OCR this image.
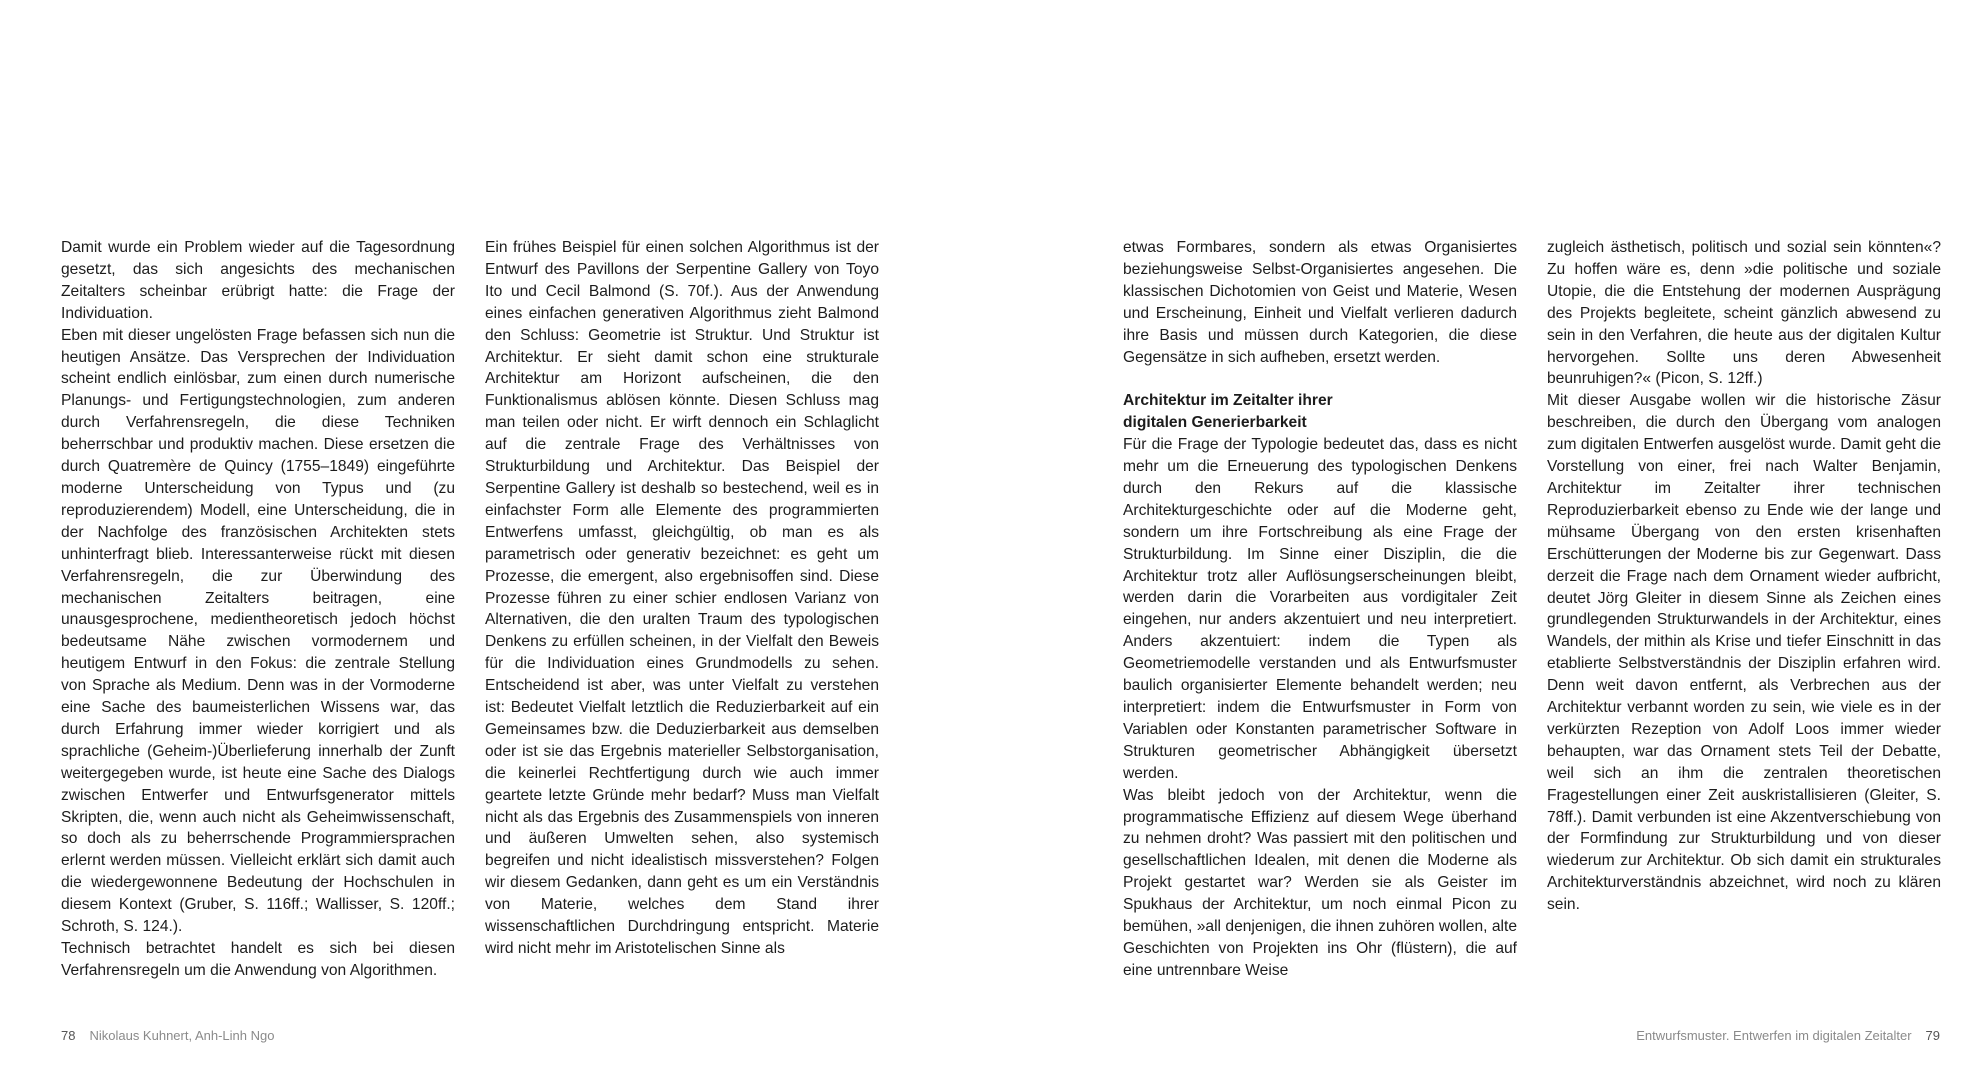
Damit wurde ein Problem wieder auf die Tagesordnung gesetzt, das sich angesichts des mechanischen Zeitalters scheinbar erübrigt hatte: die Frage der Individuation.

Eben mit dieser ungelösten Frage befassen sich nun die heutigen Ansätze. Das Versprechen der Individuation scheint endlich einlösbar, zum einen durch numerische Planungs- und Fertigungstechnologien, zum anderen durch Verfahrensregeln, die diese Techniken beherrschbar und produktiv machen. Diese ersetzen die durch Quatremère de Quincy (1755–1849) eingeführte moderne Unterscheidung von Typus und (zu reproduzierendem) Modell, eine Unterscheidung, die in der Nachfolge des französischen Architekten stets unhinterfragt blieb. Interessanterweise rückt mit diesen Verfahrensregeln, die zur Überwindung des mechanischen Zeitalters beitragen, eine unausgesprochene, medientheoretisch jedoch höchst bedeutsame Nähe zwischen vormodernem und heutigem Entwurf in den Fokus: die zentrale Stellung von Sprache als Medium. Denn was in der Vormoderne eine Sache des baumeisterlichen Wissens war, das durch Erfahrung immer wieder korrigiert und als sprachliche (Geheim-)Überlieferung innerhalb der Zunft weitergegeben wurde, ist heute eine Sache des Dialogs zwischen Entwerfer und Entwurfsgenerator mittels Skripten, die, wenn auch nicht als Geheimwissenschaft, so doch als zu beherrschende Programmiersprachen erlernt werden müssen. Vielleicht erklärt sich damit auch die wiedergewonnene Bedeutung der Hochschulen in diesem Kontext (Gruber, S. 116ff.; Wallisser, S. 120ff.; Schroth, S. 124.).

Technisch betrachtet handelt es sich bei diesen Verfahrensregeln um die Anwendung von Algorithmen.

Ein frühes Beispiel für einen solchen Algorithmus ist der Entwurf des Pavillons der Serpentine Gallery von Toyo Ito und Cecil Balmond (S. 70f.). Aus der Anwendung eines einfachen generativen Algorithmus zieht Balmond den Schluss: Geometrie ist Struktur. Und Struktur ist Architektur. Er sieht damit schon eine strukturale Architektur am Horizont aufscheinen, die den Funktionalismus ablösen könnte. Diesen Schluss mag man teilen oder nicht. Er wirft dennoch ein Schlaglicht auf die zentrale Frage des Verhältnisses von Strukturbildung und Architektur. Das Beispiel der Serpentine Gallery ist deshalb so bestechend, weil es in einfachster Form alle Elemente des programmierten Entwerfens umfasst, gleichgültig, ob man es als parametrisch oder generativ bezeichnet: es geht um Prozesse, die emergent, also ergebnisoffen sind. Diese Prozesse führen zu einer schier endlosen Varianz von Alternativen, die den uralten Traum des typologischen Denkens zu erfüllen scheinen, in der Vielfalt den Beweis für die Individuation eines Grundmodells zu sehen. Entscheidend ist aber, was unter Vielfalt zu verstehen ist: Bedeutet Vielfalt letztlich die Reduzierbarkeit auf ein Gemeinsames bzw. die Deduzierbarkeit aus demselben oder ist sie das Ergebnis materieller Selbstorganisation, die keinerlei Rechtfertigung durch wie auch immer geartete letzte Gründe mehr bedarf? Muss man Vielfalt nicht als das Ergebnis des Zusammenspiels von inneren und äußeren Umwelten sehen, also systemisch begreifen und nicht idealistisch missverstehen? Folgen wir diesem Gedanken, dann geht es um ein Verständnis von Materie, welches dem Stand ihrer wissenschaftlichen Durchdringung entspricht. Materie wird nicht mehr im Aristotelischen Sinne als

etwas Formbares, sondern als etwas Organisiertes beziehungsweise Selbst-Organisiertes angesehen. Die klassischen Dichotomien von Geist und Materie, Wesen und Erscheinung, Einheit und Vielfalt verlieren dadurch ihre Basis und müssen durch Kategorien, die diese Gegensätze in sich aufheben, ersetzt werden.

Architektur im Zeitalter ihrer
digitalen Generierbarkeit

Für die Frage der Typologie bedeutet das, dass es nicht mehr um die Erneuerung des typologischen Denkens durch den Rekurs auf die klassische Architekturgeschichte oder auf die Moderne geht, sondern um ihre Fortschreibung als eine Frage der Strukturbildung. Im Sinne einer Disziplin, die die Architektur trotz aller Auflösungserscheinungen bleibt, werden darin die Vorarbeiten aus vordigitaler Zeit eingehen, nur anders akzentuiert und neu interpretiert. Anders akzentuiert: indem die Typen als Geometriemodelle verstanden und als Entwurfsmuster baulich organisierter Elemente behandelt werden; neu interpretiert: indem die Entwurfsmuster in Form von Variablen oder Konstanten parametrischer Software in Strukturen geometrischer Abhängigkeit übersetzt werden.

Was bleibt jedoch von der Architektur, wenn die programmatische Effizienz auf diesem Wege überhand zu nehmen droht? Was passiert mit den politischen und gesellschaftlichen Idealen, mit denen die Moderne als Projekt gestartet war? Werden sie als Geister im Spukhaus der Architektur, um noch einmal Picon zu bemühen, »all denjenigen, die ihnen zuhören wollen, alte Geschichten von Projekten ins Ohr (flüstern), die auf eine untrennbare Weise

zugleich ästhetisch, politisch und sozial sein könnten«? Zu hoffen wäre es, denn »die politische und soziale Utopie, die die Entstehung der modernen Ausprägung des Projekts begleitete, scheint gänzlich abwesend zu sein in den Verfahren, die heute aus der digitalen Kultur hervorgehen. Sollte uns deren Abwesenheit beunruhigen?« (Picon, S. 12ff.)

Mit dieser Ausgabe wollen wir die historische Zäsur beschreiben, die durch den Übergang vom analogen zum digitalen Entwerfen ausgelöst wurde. Damit geht die Vorstellung von einer, frei nach Walter Benjamin, Architektur im Zeitalter ihrer technischen Reproduzierbarkeit ebenso zu Ende wie der lange und mühsame Übergang von den ersten krisenhaften Erschütterungen der Moderne bis zur Gegenwart. Dass derzeit die Frage nach dem Ornament wieder aufbricht, deutet Jörg Gleiter in diesem Sinne als Zeichen eines grundlegenden Strukturwandels in der Architektur, eines Wandels, der mithin als Krise und tiefer Einschnitt in das etablierte Selbstverständnis der Disziplin erfahren wird. Denn weit davon entfernt, als Verbrechen aus der Architektur verbannt worden zu sein, wie viele es in der verkürzten Rezeption von Adolf Loos immer wieder behaupten, war das Ornament stets Teil der Debatte, weil sich an ihm die zentralen theoretischen Fragestellungen einer Zeit auskristallisieren (Gleiter, S. 78ff.). Damit verbunden ist eine Akzentverschiebung von der Formfindung zur Strukturbildung und von dieser wiederum zur Architektur. Ob sich damit ein strukturales Architekturverständnis abzeichnet, wird noch zu klären sein.

78 Nikolaus Kuhnert, Anh-Linh Ngo	Entwurfsmuster. Entwerfen im digitalen Zeitalter 79
